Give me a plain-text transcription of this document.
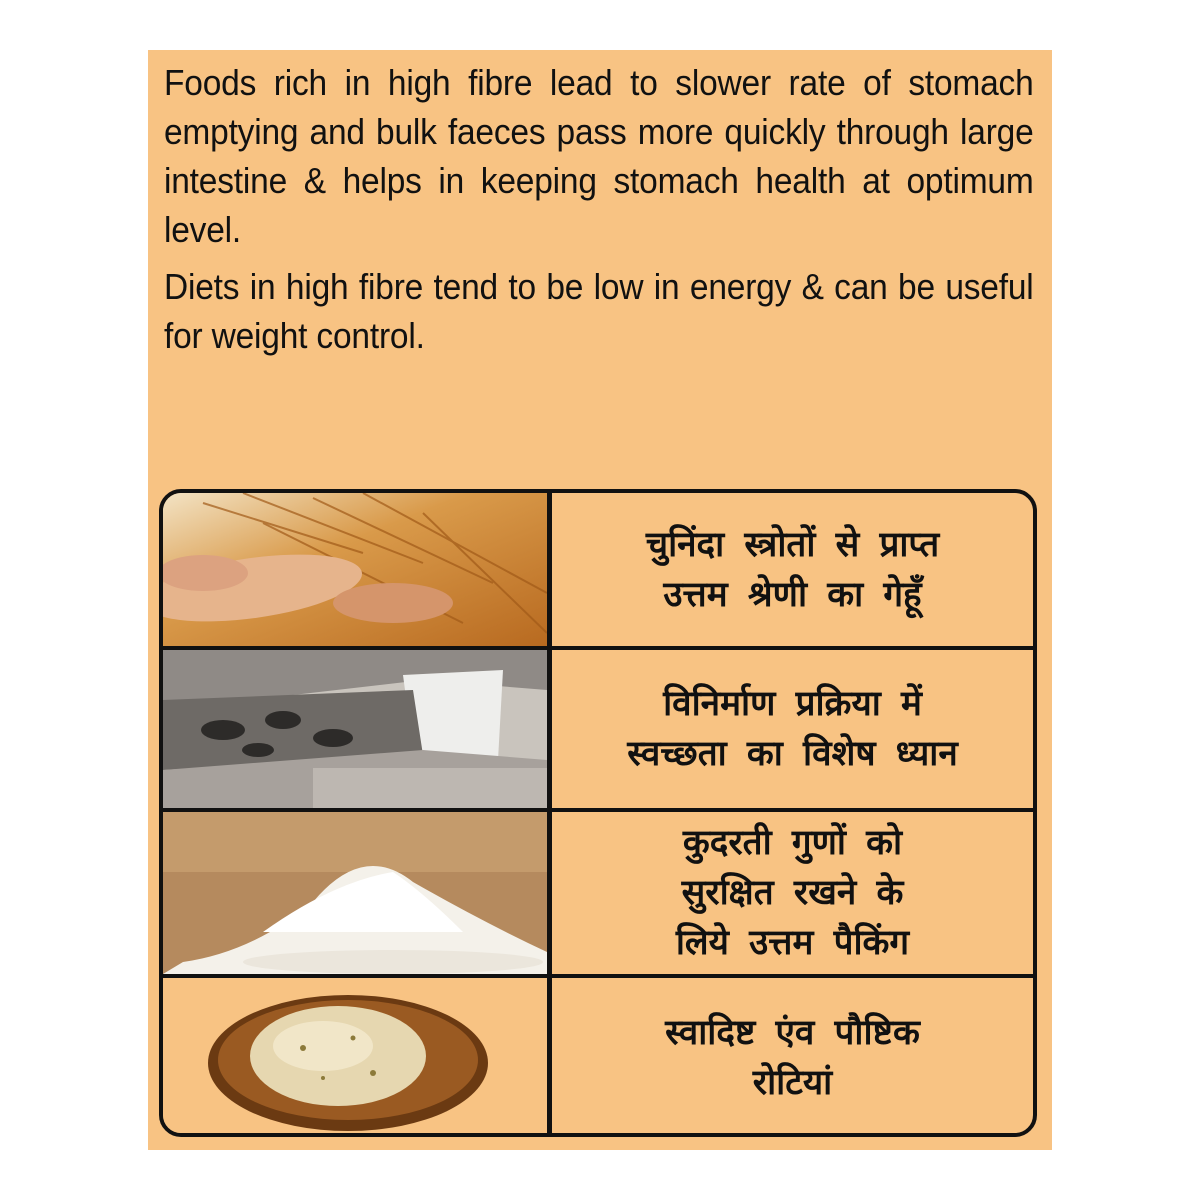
Foods rich in high fibre lead to slower rate of stomach emptying and bulk faeces pass more quickly through large intestine & helps in keeping stomach health at optimum level.

Diets in high fibre tend to be low in energy & can be useful for weight control.

चुनिंदा स्त्रोतों से प्राप्त
उत्तम श्रेणी का गेहूँ
विनिर्माण प्रक्रिया में
स्वच्छता का विशेष ध्यान
कुदरती गुणों को
सुरक्षित रखने के
लिये उत्तम पैकिंग
स्वादिष्ट एंव पौष्टिक
रोटियां
